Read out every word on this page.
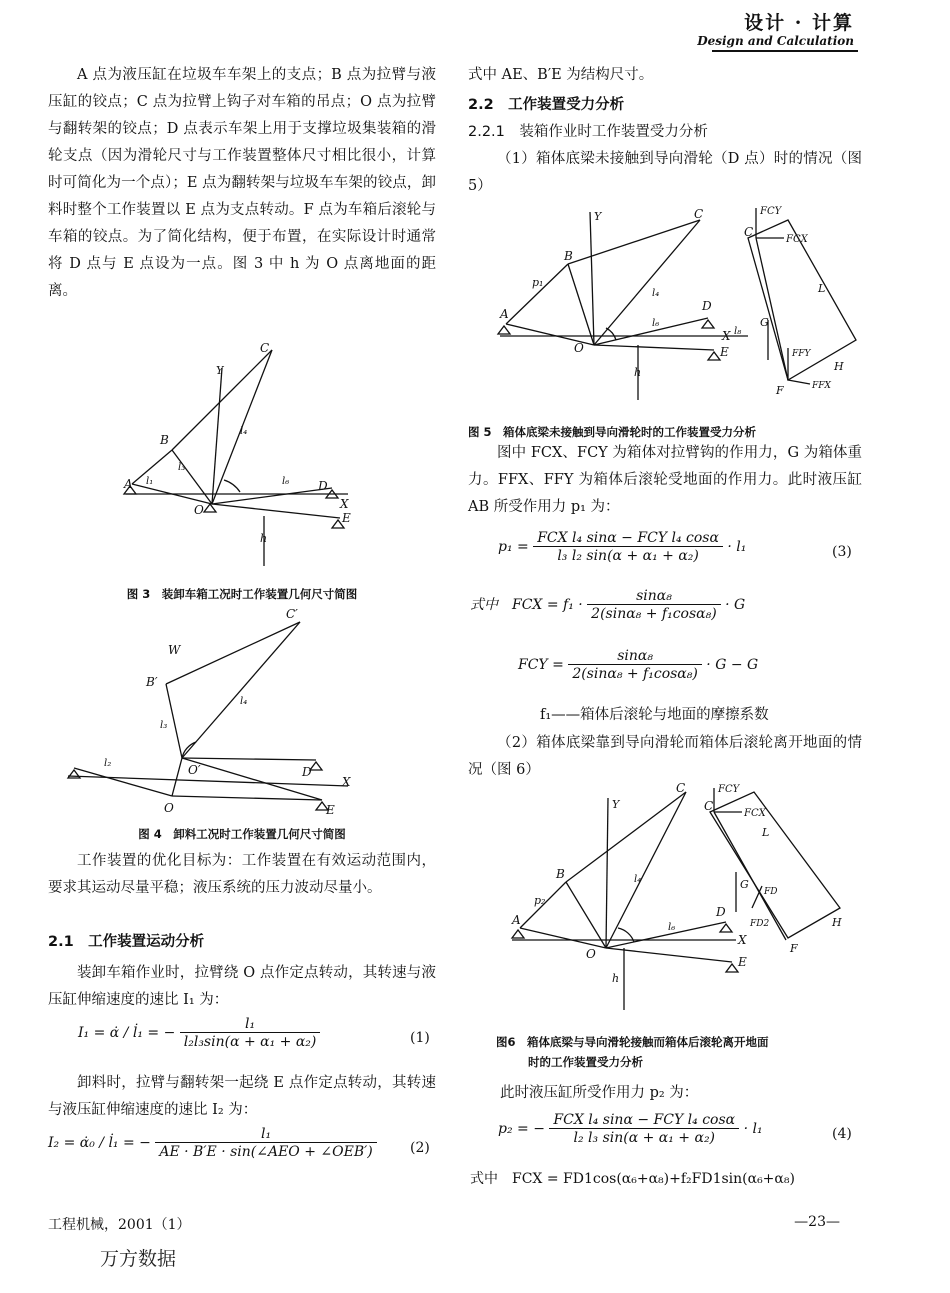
设计 · 计算
Design and Calculation

A 点为液压缸在垃圾车车架上的支点；B 点为拉臂与液压缸的铰点；C 点为拉臂上钩子对车箱的吊点；O 点为拉臂与翻转架的铰点；D 点表示车架上用于支撑垃圾集装箱的滑轮支点（因为滑轮尺寸与工作装置整体尺寸相比很小，计算时可简化为一个点）；E 点为翻转架与垃圾车车架的铰点，卸料时整个工作装置以 E 点为支点转动。F 点为车箱后滚轮与车箱的铰点。为了简化结构，便于布置，在实际设计时通常将 D 点与 E 点设为一点。图 3 中 h 为 O 点离地面的距离。

A
B
C
O
D
E
X
Y
h
l₁
l₃
l₄
l₆
图 3　装卸车箱工况时工作装置几何尺寸简图
B′
C′
O
O′	D
E
X
W
l₂
l₃
l₄
图 4　卸料工况时工作装置几何尺寸简图

工作装置的优化目标为：工作装置在有效运动范围内，要求其运动尽量平稳；液压系统的压力波动尽量小。

2.1　工作装置运动分析

装卸车箱作业时，拉臂绕 O 点作定点转动，其转速与液压缸伸缩速度的速比 I₁ 为：

I₁ = α̇ / l̇₁ = − $\frac{\text{l₁}}{\text{l₂l₃sin(α + α₁ + α₂)}}$	(1)

卸料时，拉臂与翻转架一起绕 E 点作定点转动，其转速与液压缸伸缩速度的速比 I₂ 为：

I₂ = α̇₀ / l̇₁ = − $\frac{\text{l₁}}{\text{AE · B′E · sin(∠AEO + ∠OEB′)}} (2)$
式中 AE、B′E 为结构尺寸。
2.2　工作装置受力分析
2.2.1　装箱作业时工作装置受力分析

（1）箱体底梁未接触到导向滑轮（D 点）时的情况（图 5）

A
B
C
O
D
E
X
Y
h
p₁
l₄
l₆
l₈
C
FCY
FCX
G
L
H
F
FFY
FFX
图 5　箱体底梁未接触到导向滑轮时的工作装置受力分析

图中 FCX、FCY 为箱体对拉臂钩的作用力，G 为箱体重力。FFX、FFY 为箱体后滚轮受地面的作用力。此时液压缸 AB 所受作用力 p₁ 为：

$p_1 = \frac{\text{FCX l₄ sinα − FCY l₄ cosα}}{\text{l₃ l₂ sin(α + α₁ + α₂)}} \cdot l_1$	(3)
式中　FCX = $f_1 \cdot \frac{\text{sinα₈}}{\text{2(sinα₈ + f₁cosα₈)}} \cdot G$
FCY = $\frac{\text{sinα₈}}{\text{2(sinα₈ + f₁cosα₈)}} \cdot G - G$
f₁——箱体后滚轮与地面的摩擦系数

（2）箱体底梁靠到导向滑轮而箱体后滚轮离开地面的情况（图 6）

A
B
C
O
D
E
X
Y
h
p₂
l₄
l₆
C
FCY
FCX
G
L
H
F
FD
FD2
图6　箱体底梁与导向滑轮接触而箱体后滚轮离开地面
时的工作装置受力分析
此时液压缸所受作用力 p₂ 为：
p₂ = − $\frac{\text{FCX l₄ sinα − FCY l₄ cosα}}{\text{l₂ l₃ sin(α + α₁ + α₂)}} \cdot l_1$	(4)
式中　FCX = FD1cos(α₆+α₈)+f₂FD1sin(α₆+α₈)
工程机械，2001（1）	—23—
万方数据
